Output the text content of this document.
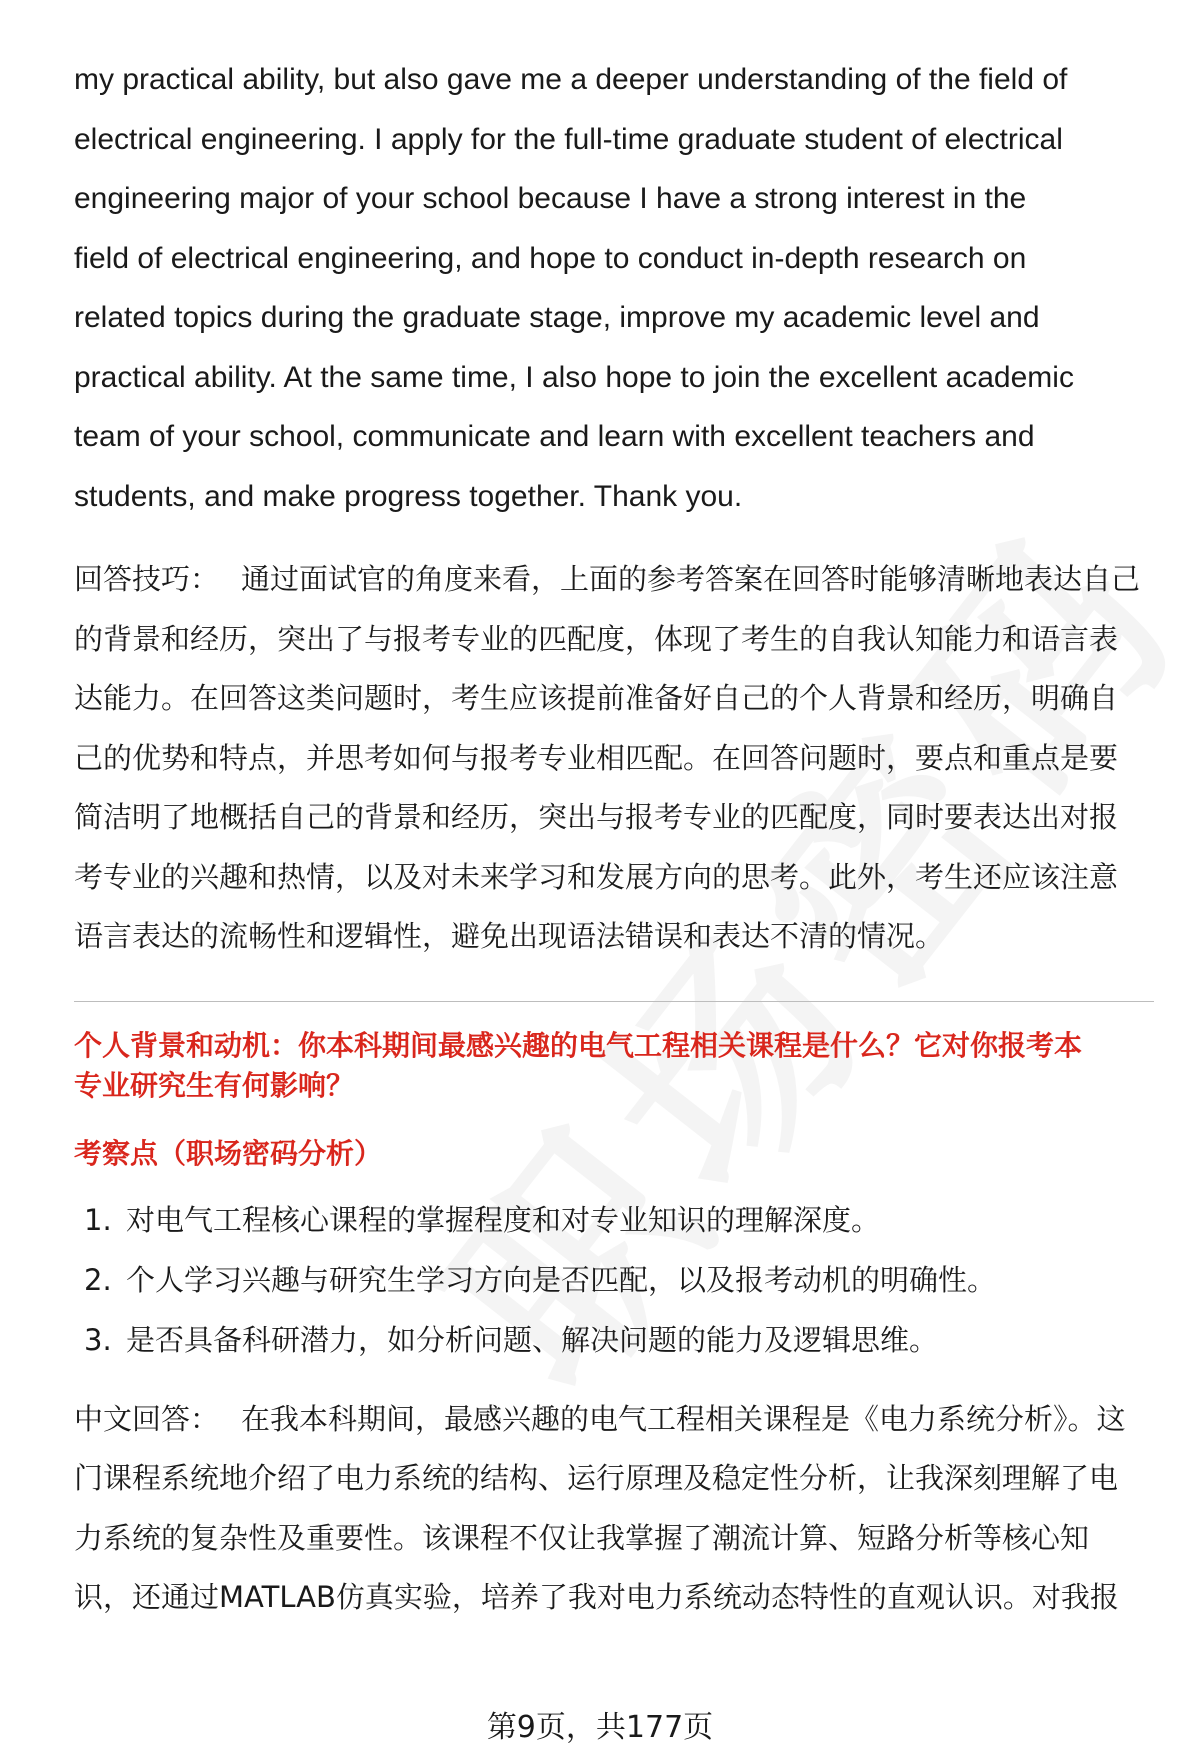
my practical ability, but also gave me a deeper understanding of the field of
electrical engineering. I apply for the full-time graduate student of electrical
engineering major of your school because I have a strong interest in the
field of electrical engineering, and hope to conduct in-depth research on
related topics during the graduate stage, improve my academic level and
practical ability. At the same time, I also hope to join the excellent academic
team of your school, communicate and learn with excellent teachers and
students, and make progress together. Thank you.
回答技巧： 通过面试官的角度来看，上面的参考答案在回答时能够清晰地表达自己
的背景和经历，突出了与报考专业的匹配度，体现了考生的自我认知能力和语言表
达能力。在回答这类问题时，考生应该提前准备好自己的个人背景和经历，明确自
己的优势和特点，并思考如何与报考专业相匹配。在回答问题时，要点和重点是要
简洁明了地概括自己的背景和经历，突出与报考专业的匹配度，同时要表达出对报
考专业的兴趣和热情，以及对未来学习和发展方向的思考。此外，考生还应该注意
语言表达的流畅性和逻辑性，避免出现语法错误和表达不清的情况。
个人背景和动机：你本科期间最感兴趣的电气工程相关课程是什么？它对你报考本
专业研究生有何影响？
考察点（职场密码分析）
1. 对电气工程核心课程的掌握程度和对专业知识的理解深度。
2. 个人学习兴趣与研究生学习方向是否匹配，以及报考动机的明确性。
3. 是否具备科研潜力，如分析问题、解决问题的能力及逻辑思维。
中文回答： 在我本科期间，最感兴趣的电气工程相关课程是《电力系统分析》。这
门课程系统地介绍了电力系统的结构、运行原理及稳定性分析，让我深刻理解了电
力系统的复杂性及重要性。该课程不仅让我掌握了潮流计算、短路分析等核心知
识，还通过MATLAB仿真实验，培养了我对电力系统动态特性的直观认识。对我报
第9页，共177页
